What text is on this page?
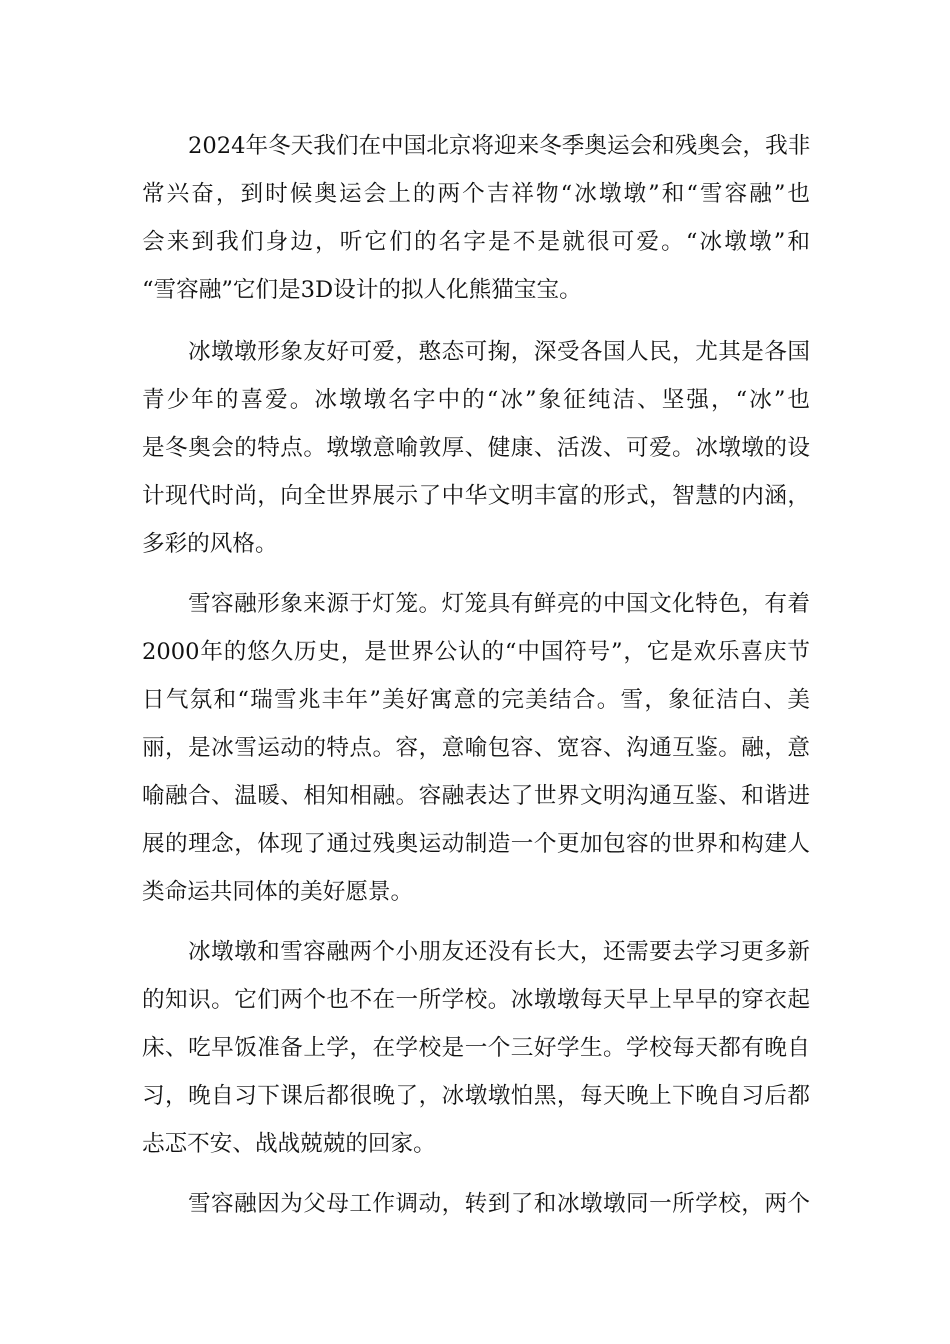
2024年冬天我们在中国北京将迎来冬季奥运会和残奥会，我非
常兴奋，到时候奥运会上的两个吉祥物“冰墩墩”和“雪容融”也
会来到我们身边，听它们的名字是不是就很可爱。“冰墩墩”和
“雪容融”它们是3D设计的拟人化熊猫宝宝。
冰墩墩形象友好可爱，憨态可掬，深受各国人民，尤其是各国
青少年的喜爱。冰墩墩名字中的“冰”象征纯洁、坚强，“冰”也
是冬奥会的特点。墩墩意喻敦厚、健康、活泼、可爱。冰墩墩的设
计现代时尚，向全世界展示了中华文明丰富的形式，智慧的内涵，
多彩的风格。
雪容融形象来源于灯笼。灯笼具有鲜亮的中国文化特色，有着
2000年的悠久历史，是世界公认的“中国符号”，它是欢乐喜庆节
日气氛和“瑞雪兆丰年”美好寓意的完美结合。雪，象征洁白、美
丽，是冰雪运动的特点。容，意喻包容、宽容、沟通互鉴。融，意
喻融合、温暖、相知相融。容融表达了世界文明沟通互鉴、和谐进
展的理念，体现了通过残奥运动制造一个更加包容的世界和构建人
类命运共同体的美好愿景。
冰墩墩和雪容融两个小朋友还没有长大，还需要去学习更多新
的知识。它们两个也不在一所学校。冰墩墩每天早上早早的穿衣起
床、吃早饭准备上学，在学校是一个三好学生。学校每天都有晚自
习，晚自习下课后都很晚了，冰墩墩怕黑，每天晚上下晚自习后都
忐忑不安、战战兢兢的回家。
雪容融因为父母工作调动，转到了和冰墩墩同一所学校，两个
